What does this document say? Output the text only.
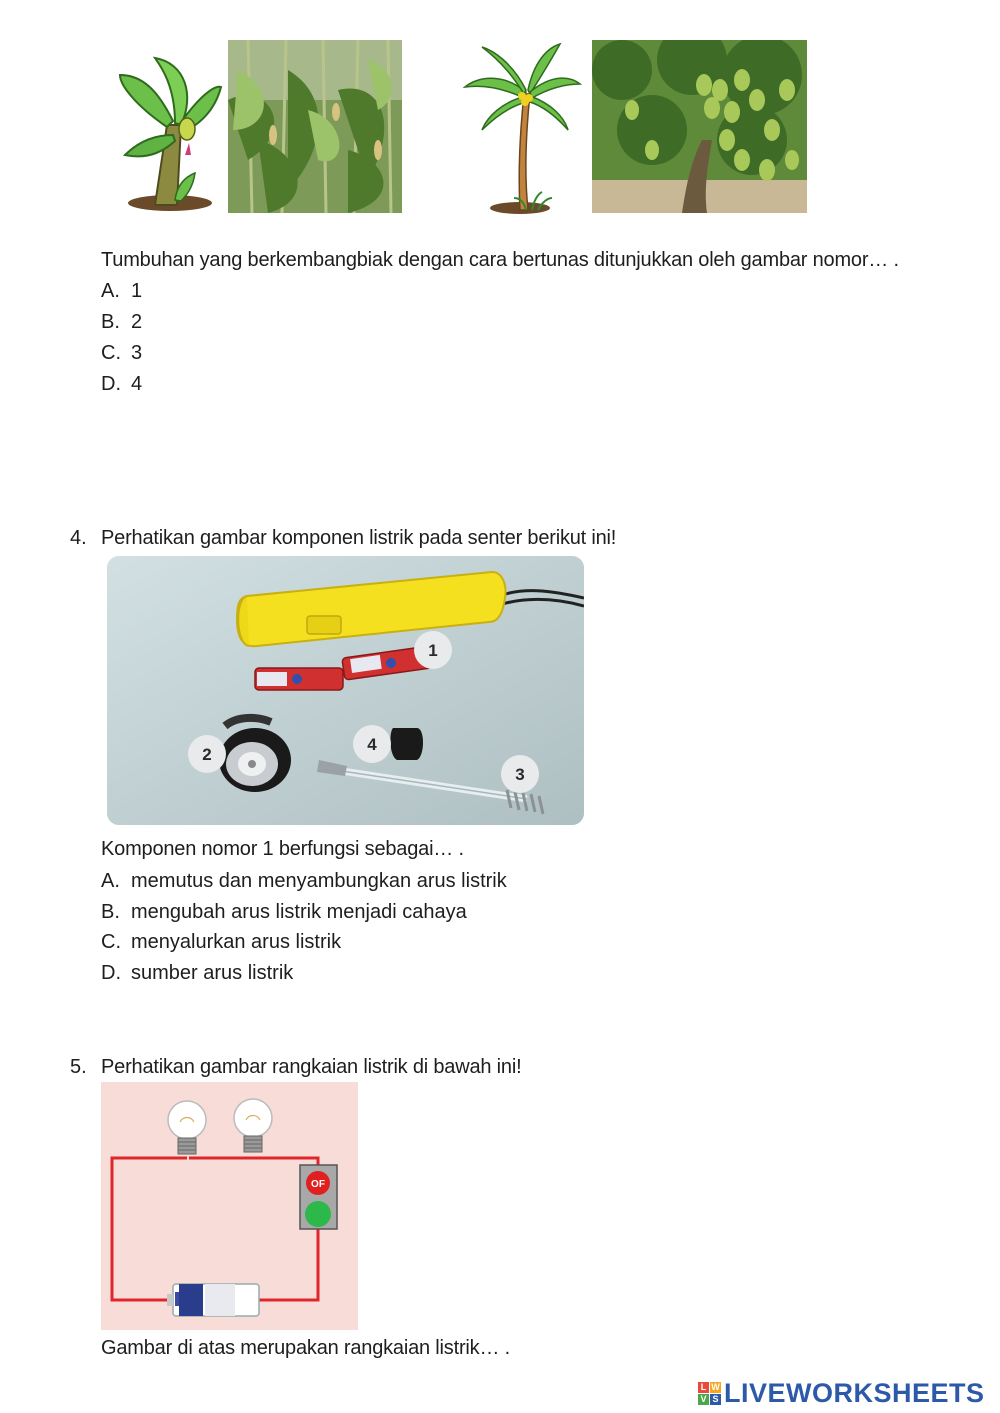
Tumbuhan yang berkembangbiak dengan cara bertunas ditunjukkan oleh gambar nomor… .
A. 1
B. 2
C. 3
D. 4
4. Perhatikan gambar komponen listrik pada senter berikut ini!
1
2
3
4
Komponen nomor 1 berfungsi sebagai… .
A. memutus dan menyambungkan arus listrik
B. mengubah arus listrik menjadi cahaya
C. menyalurkan arus listrik
D. sumber arus listrik
5. Perhatikan gambar rangkaian listrik di bawah ini!
OF
Gambar di atas merupakan rangkaian listrik… .
L W
V S LIVEWORKSHEETS
